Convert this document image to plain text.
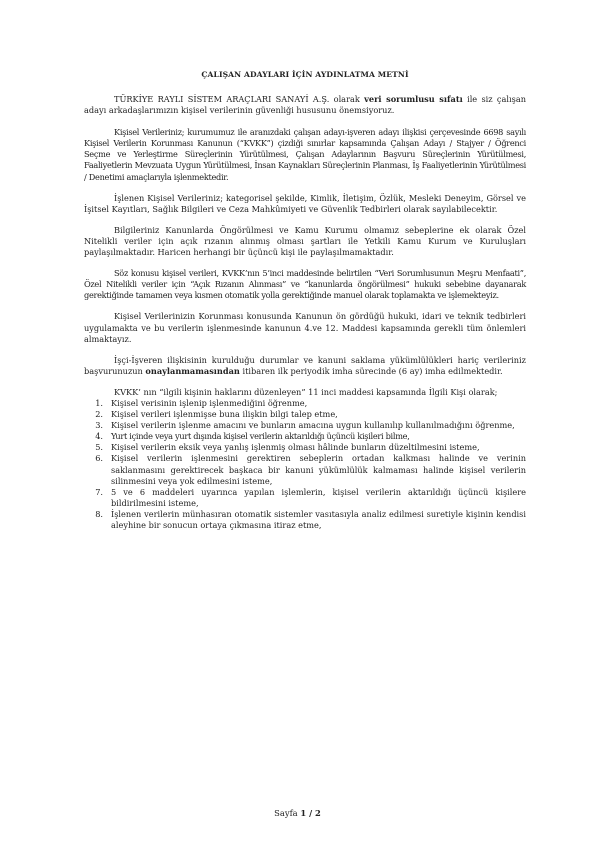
ÇALIŞAN ADAYLARI İÇİN AYDINLATMA METNİ

TÜRKİYE RAYLI SİSTEM ARAÇLARI SANAYİ A.Ş. olarak veri sorumlusu sıfatı ile siz çalışan adayı arkadaşlarımızın kişisel verilerinin güvenliği hususunu önemsiyoruz.

Kişisel Verileriniz; kurumumuz ile aranızdaki çalışan adayı-işveren adayı ilişkisi çerçevesinde 6698 sayılı Kişisel Verilerin Korunması Kanunun (“KVKK”) çizdiği sınırlar kapsamında Çalışan Adayı / Stajyer / Öğrenci Seçme ve Yerleştirme Süreçlerinin Yürütülmesi, Çalışan Adaylarının Başvuru Süreçlerinin Yürütülmesi, Faaliyetlerin Mevzuata Uygun Yürütülmesi, İnsan Kaynakları Süreçlerinin Planması, İş Faaliyetlerinin Yürütülmesi / Denetimi amaçlarıyla işlenmektedir.

İşlenen Kişisel Verileriniz; kategorisel şekilde, Kimlik, İletişim, Özlük, Mesleki Deneyim, Görsel ve İşitsel Kayıtları, Sağlık Bilgileri ve Ceza Mahkûmiyeti ve Güvenlik Tedbirleri olarak sayılabilecektir.

Bilgileriniz Kanunlarda Öngörülmesi ve Kamu Kurumu olmamız sebeplerine ek olarak Özel Nitelikli veriler için açık rızanın alınmış olması şartları ile Yetkili Kamu Kurum ve Kuruluşları paylaşılmaktadır. Haricen herhangi bir üçüncü kişi ile paylaşılmamaktadır.

Söz konusu kişisel verileri, KVKK’nın 5’inci maddesinde belirtilen “Veri Sorumlusunun Meşru Menfaati”, Özel Nitelikli veriler için “Açık Rızanın Alınması” ve “kanunlarda öngörülmesi” hukuki sebebine dayanarak gerektiğinde tamamen veya kısmen otomatik yolla gerektiğinde manuel olarak toplamakta ve işlemekteyiz.

Kişisel Verilerinizin Korunması konusunda Kanunun ön gördüğü hukuki, idari ve teknik tedbirleri uygulamakta ve bu verilerin işlenmesinde kanunun 4.ve 12. Maddesi kapsamında gerekli tüm önlemleri almaktayız.

İşçi-İşveren ilişkisinin kurulduğu durumlar ve kanuni saklama yükümlülükleri hariç verileriniz başvurunuzun onaylanmamasından itibaren ilk periyodik imha sürecinde (6 ay) imha edilmektedir.

KVKK’ nın “ilgili kişinin haklarını düzenleyen” 11 inci maddesi kapsamında İlgili Kişi olarak;

1. Kişisel verisinin işlenip işlenmediğini öğrenme,
2. Kişisel verileri işlenmişse buna ilişkin bilgi talep etme,
3. Kişisel verilerin işlenme amacını ve bunların amacına uygun kullanılıp kullanılmadığını öğrenme,
4. Yurt içinde veya yurt dışında kişisel verilerin aktarıldığı üçüncü kişileri bilme,
5. Kişisel verilerin eksik veya yanlış işlenmiş olması hâlinde bunların düzeltilmesini isteme,
6. Kişisel verilerin işlenmesini gerektiren sebeplerin ortadan kalkması halinde ve verinin saklanmasını gerektirecek başkaca bir kanuni yükümlülük kalmaması halinde kişisel verilerin silinmesini veya yok edilmesini isteme,
7. 5 ve 6 maddeleri uyarınca yapılan işlemlerin, kişisel verilerin aktarıldığı üçüncü kişilere bildirilmesini isteme,
8. İşlenen verilerin münhasıran otomatik sistemler vasıtasıyla analiz edilmesi suretiyle kişinin kendisi aleyhine bir sonucun ortaya çıkmasına itiraz etme,
Sayfa 1 / 2
